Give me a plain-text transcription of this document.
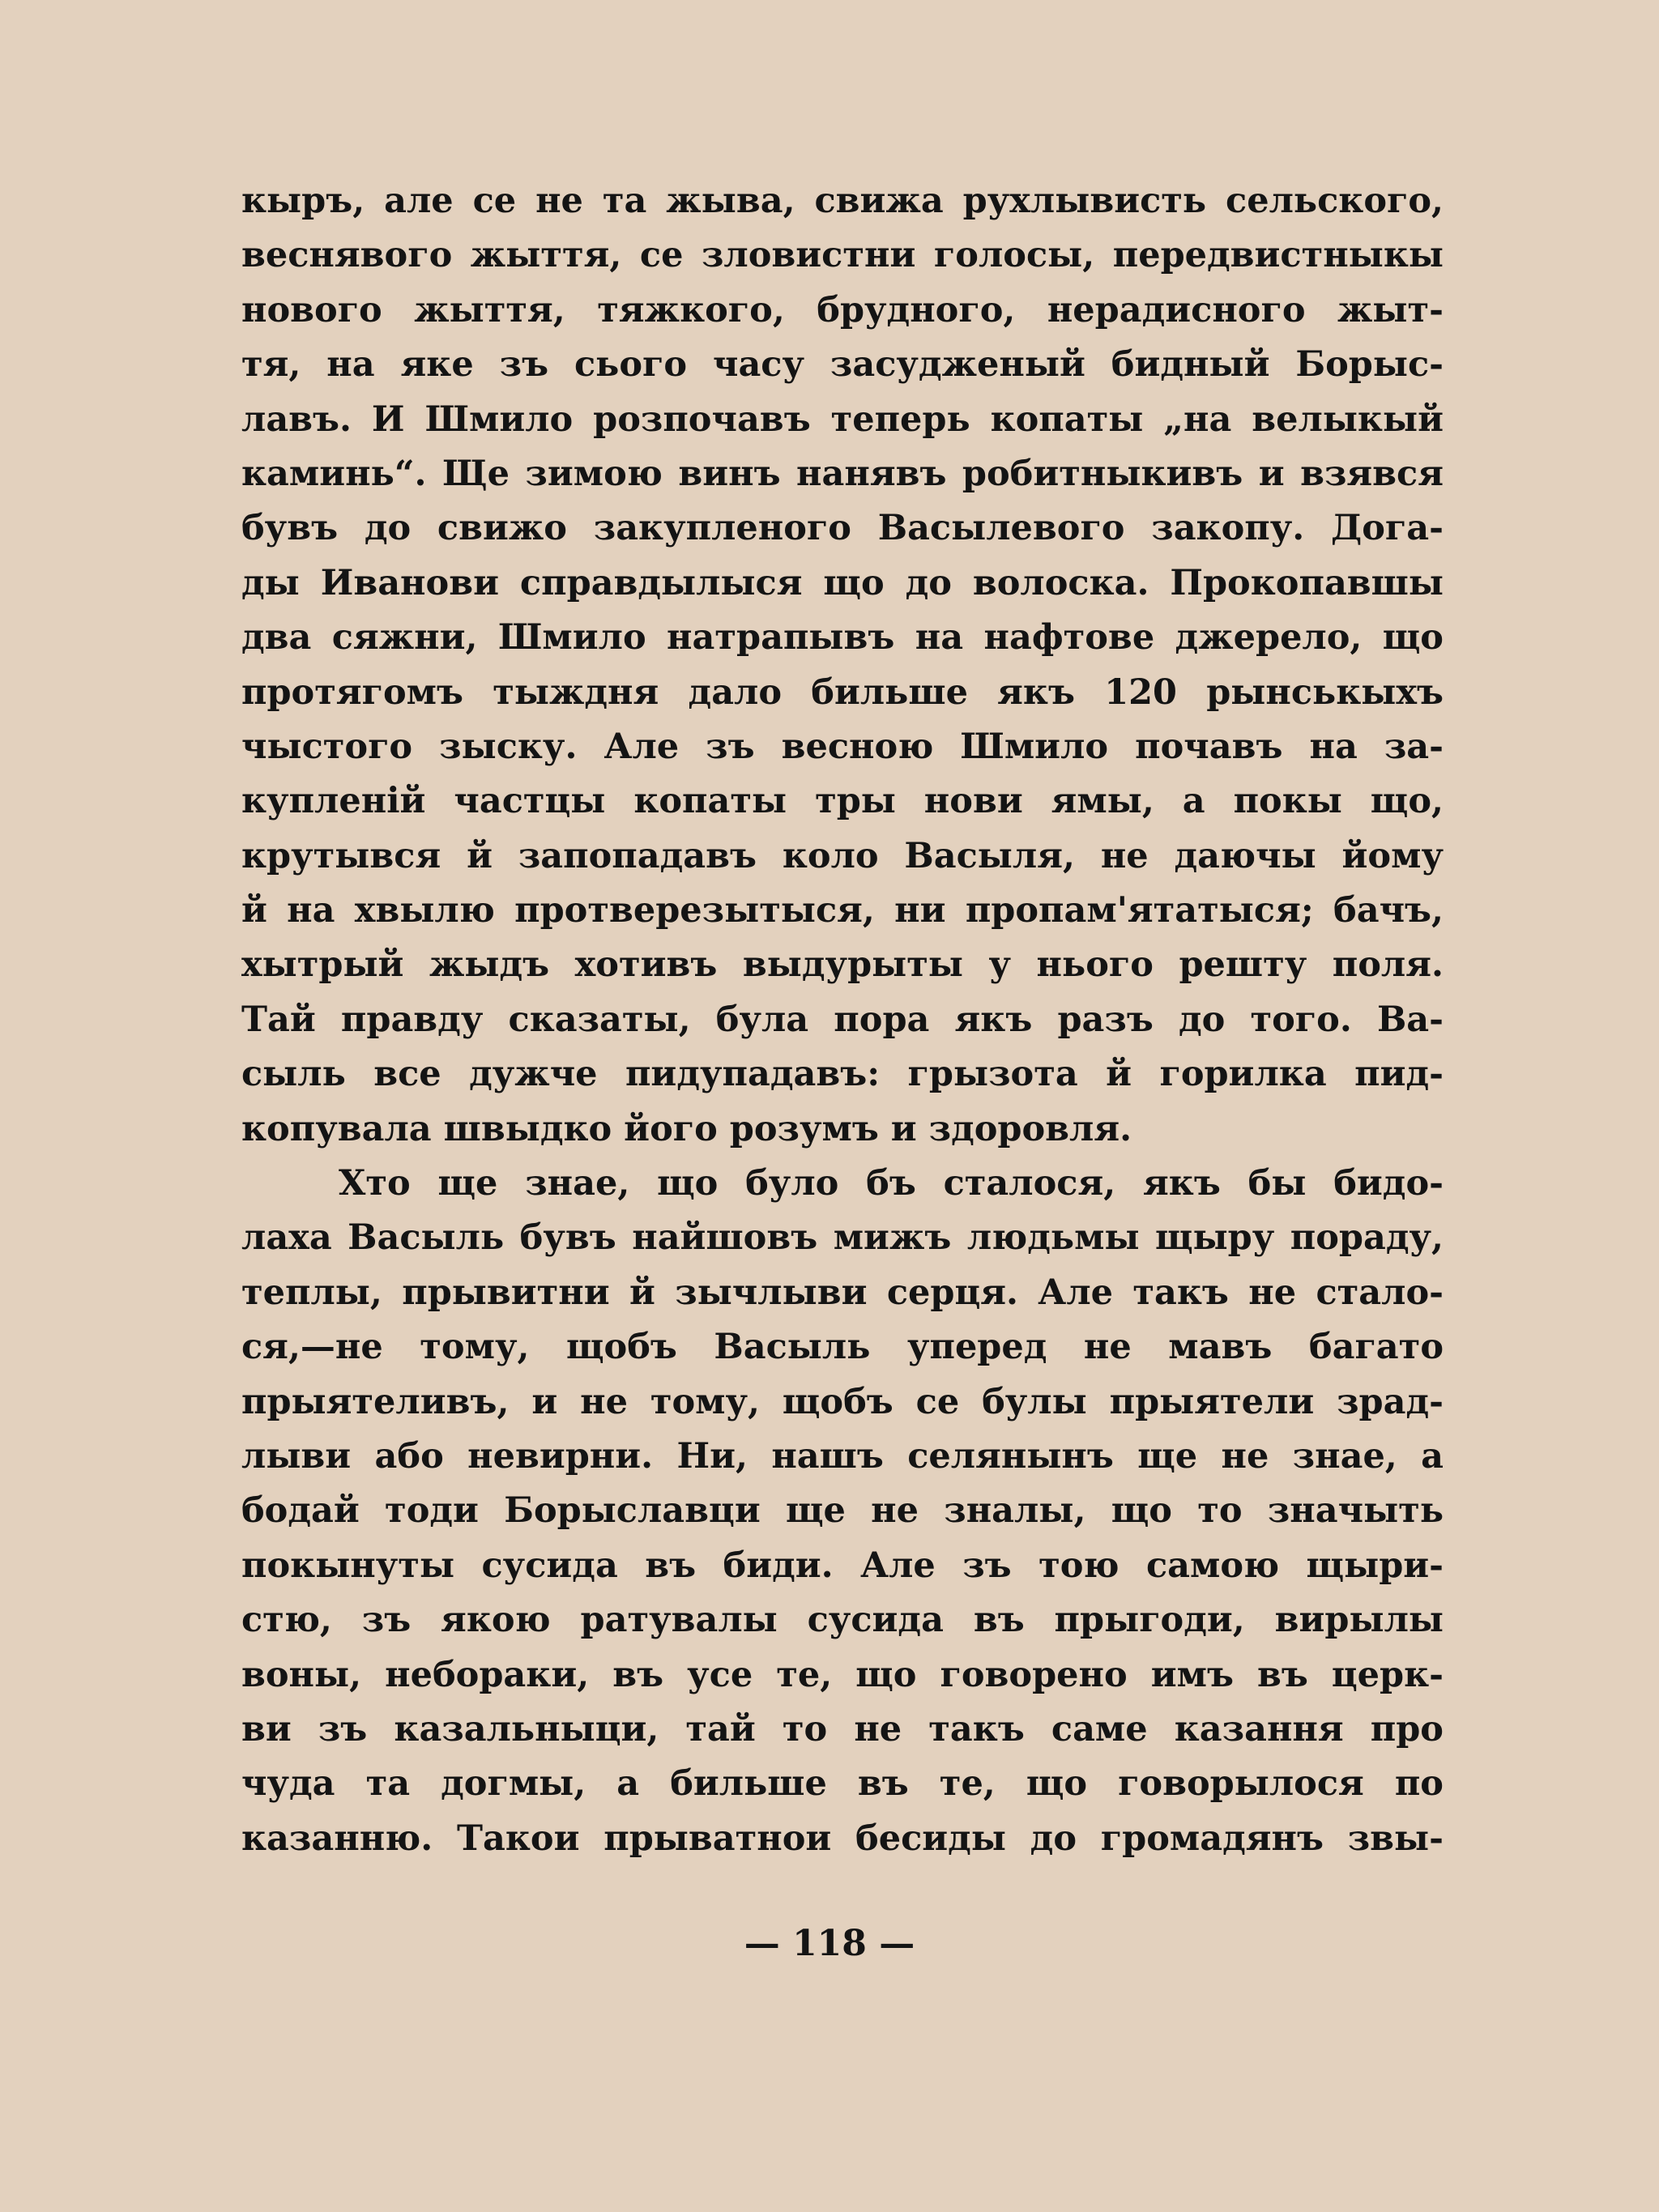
кыръ, але се не та жыва, свижа рухлывисть сельского,
веснявого жыття, се зловистни голосы, передвистныкы
нового жыття, тяжкого, брудного, нерадисного жыт-
тя, на яке зъ сього часу засудженый бидный Борыс-
лавъ. И Шмило розпочавъ теперь копаты „на велыкый
каминь“. Ще зимою винъ нанявъ робитныкивъ и взявся
бувъ до свижо закупленого Васылевого закопу. Дога-
ды Иванови справдылыся що до волоска. Прокопавшы
два сяжни, Шмило натрапывъ на нафтове джерело, що
протягомъ тыждня дало бильше якъ 120 рынськыхъ
чыстого зыску. Але зъ весною Шмило почавъ на за-
купленій частцы копаты тры нови ямы, а покы що,
крутывся й запопадавъ коло Васыля, не даючы йому
й на хвылю протверезытыся, ни пропам'ятатыся; бачъ,
хытрый жыдъ хотивъ выдурыты у нього решту поля.
Тай правду сказаты, була пора якъ разъ до того. Ва-
сыль все дужче пидупадавъ: грызота й горилка пид-
копувала швыдко його розумъ и здоровля.
Хто ще знае, що було бъ сталося, якъ бы бидо-
лаха Васыль бувъ найшовъ мижъ людьмы щыру пораду,
теплы, прывитни й зычлыви серця. Але такъ не стало-
ся,—не тому, щобъ Васыль уперед не мавъ багато
прыятеливъ, и не тому, щобъ се булы прыятели зрад-
лыви або невирни. Ни, нашъ селянынъ ще не знае, а
бодай тоди Борыславци ще не зналы, що то значыть
покынуты сусида въ биди. Але зъ тою самою щыри-
стю, зъ якою ратувалы сусида въ прыгоди, вирылы
воны, небораки, въ усе те, що говорено имъ въ церк-
ви зъ казальныци, тай то не такъ саме казання про
чуда та догмы, а бильше въ те, що говорылося по
казанню. Такои прыватнои бесиды до громадянъ звы-
— 118 —
